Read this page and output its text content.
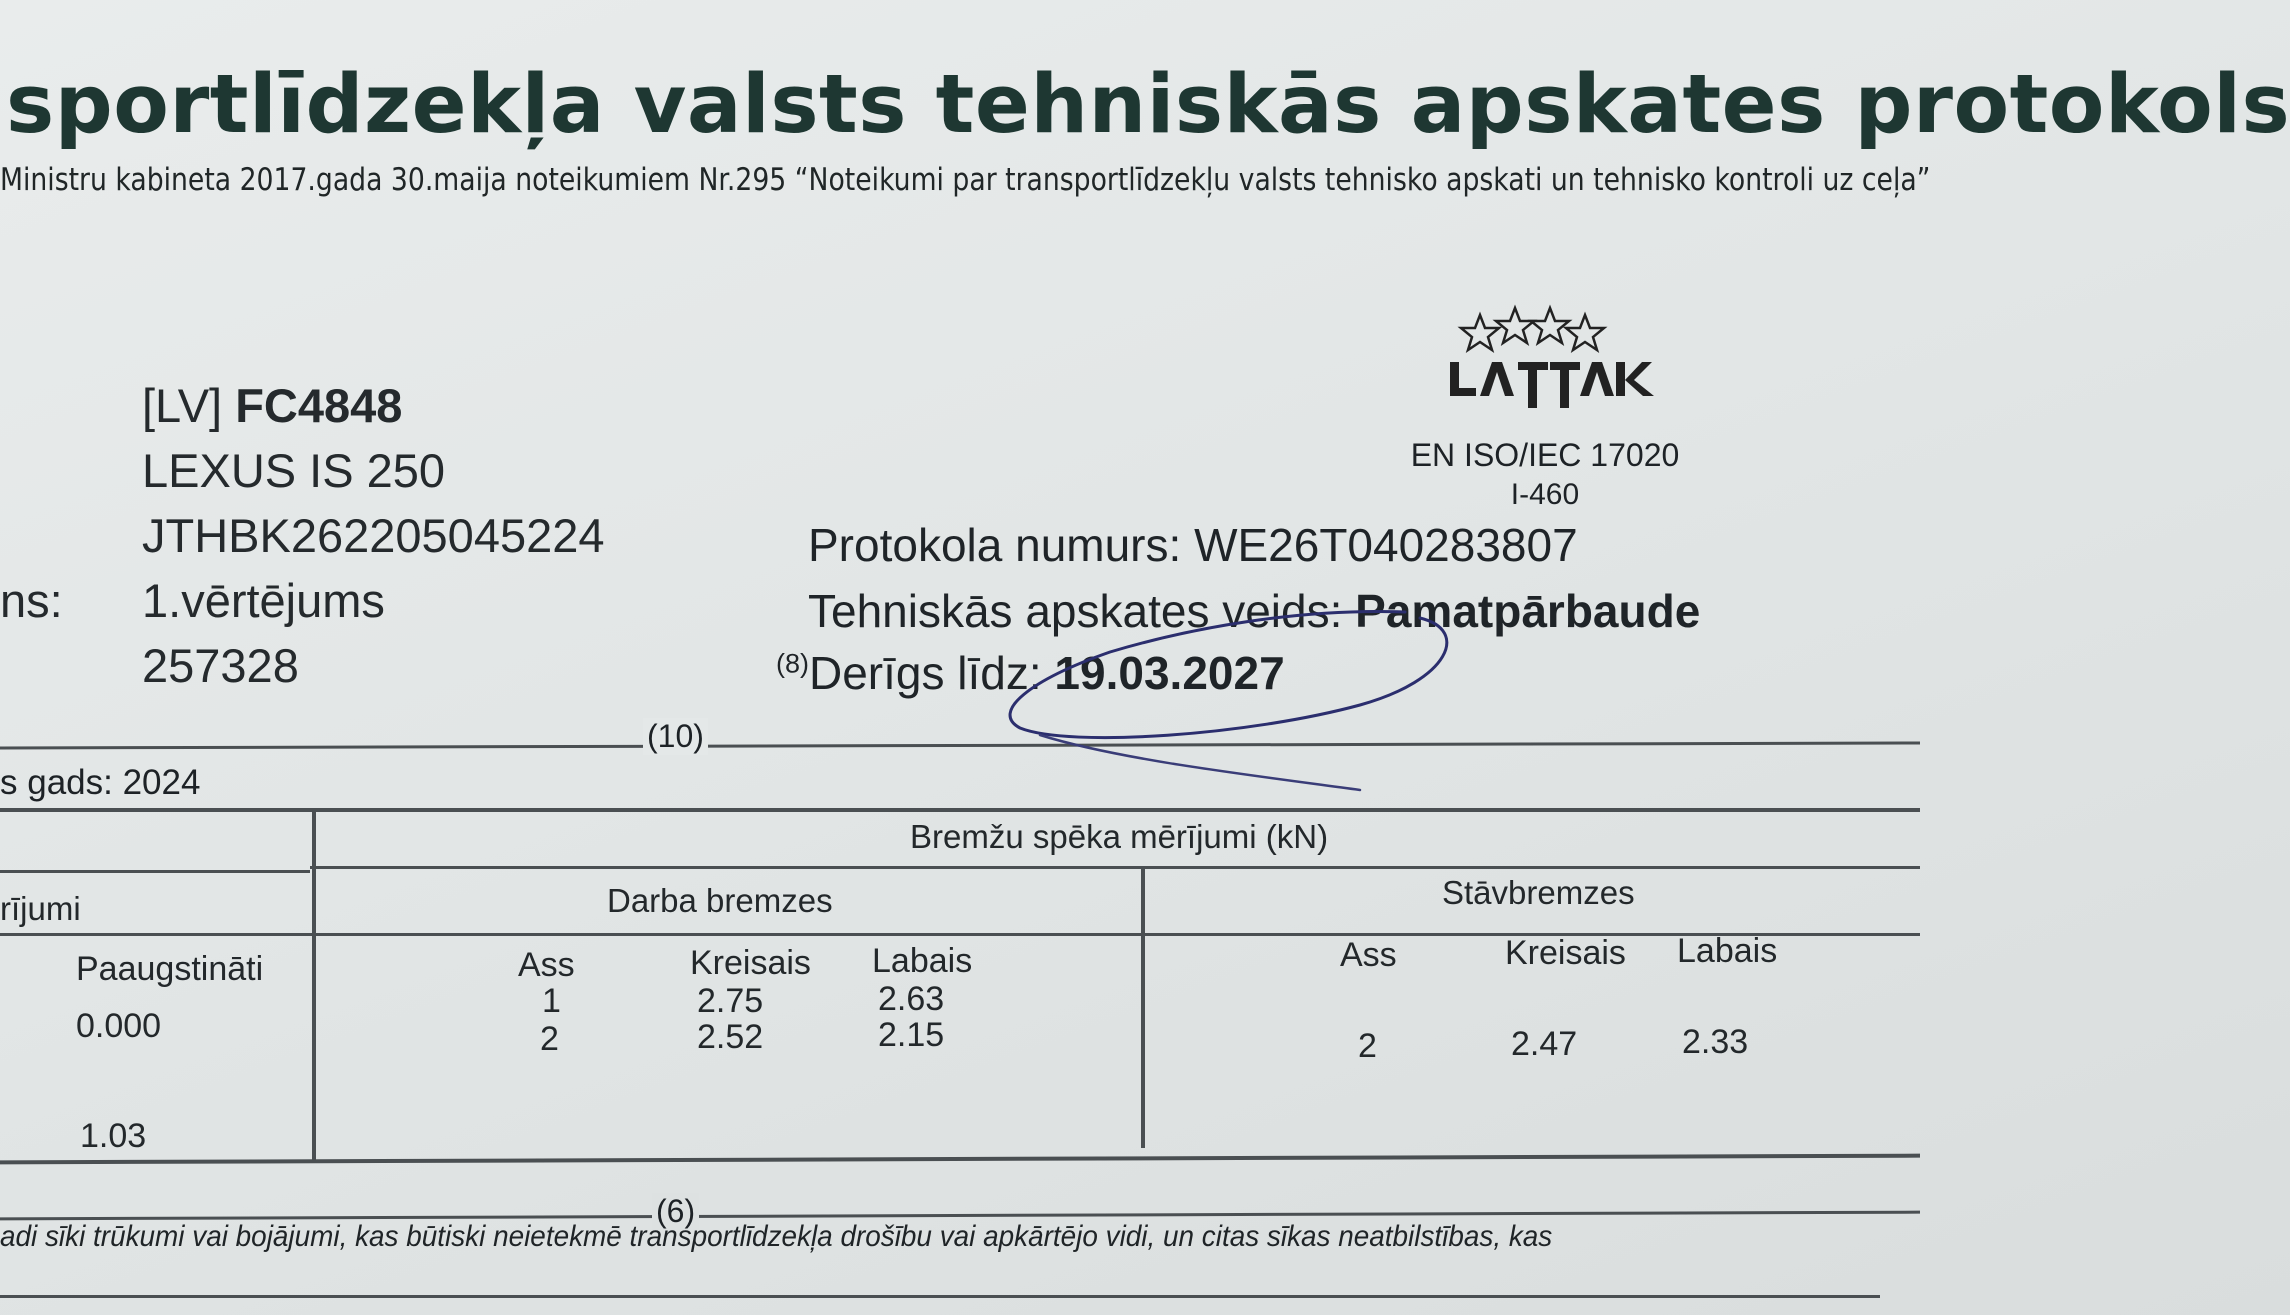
sportlīdzekļa valsts tehniskās apskates protokols
Ministru kabineta 2017.gada 30.maija noteikumiem Nr.295 “Noteikumi par transportlīdzekļu valsts tehnisko apskati un tehnisko kontroli uz ceļa”
[LV] FC4848
LEXUS IS 250
JTHBK262205045224
ns: 1.vērtējums
257328
LATAK
EN ISO/IEC 17020
I-460
Protokola numurs: WE26T040283807
Tehniskās apskates veids: Pamatpārbaude
$^{(8)}$Derīgs līdz: 19.03.2027
(10)
s gads: 2024
Bremžu spēka mērījumi (kN)
rījumi	Darba bremzes	Stāvbremzes
Paaugstināti
0.000
1.03
Ass	Kreisais Labais
1	2.75	2.63
2	2.52	2.15
Ass	Kreisais Labais
2	2.47	2.33
(6)
adi sīki trūkumi vai bojājumi, kas būtiski neietekmē transportlīdzekļa drošību vai apkārtējo vidi, un citas sīkas neatbilstības, kas
